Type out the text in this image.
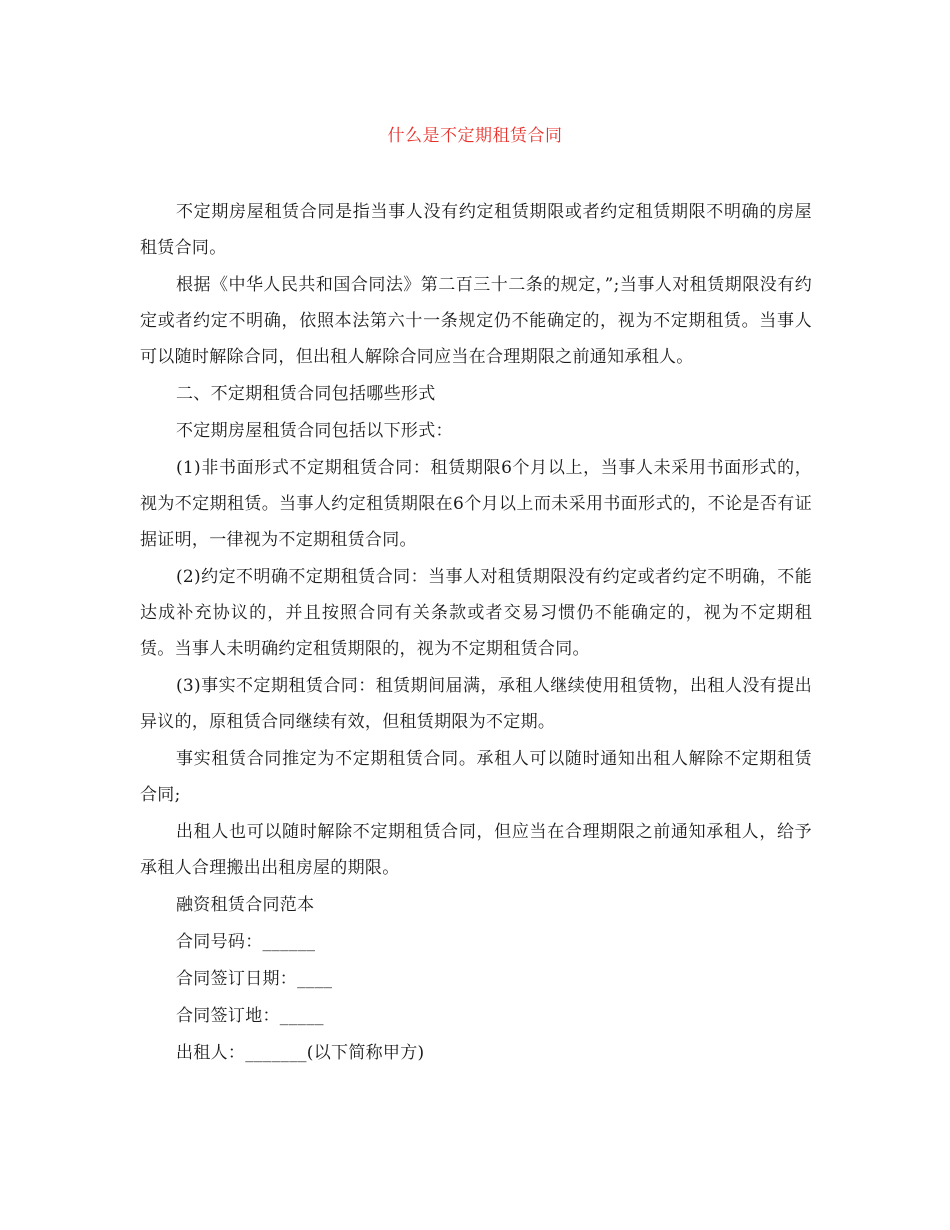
什么是不定期租赁合同

不定期房屋租赁合同是指当事人没有约定租赁期限或者约定租赁期限不明确的房屋租赁合同。

根据《中华人民共和国合同法》第二百三十二条的规定，”;当事人对租赁期限没有约定或者约定不明确，依照本法第六十一条规定仍不能确定的，视为不定期租赁。当事人可以随时解除合同，但出租人解除合同应当在合理期限之前通知承租人。

二、不定期租赁合同包括哪些形式

不定期房屋租赁合同包括以下形式：

(1)非书面形式不定期租赁合同：租赁期限6个月以上，当事人未采用书面形式的，视为不定期租赁。当事人约定租赁期限在6个月以上而未采用书面形式的，不论是否有证据证明，一律视为不定期租赁合同。

(2)约定不明确不定期租赁合同：当事人对租赁期限没有约定或者约定不明确，不能达成补充协议的，并且按照合同有关条款或者交易习惯仍不能确定的，视为不定期租赁。当事人未明确约定租赁期限的，视为不定期租赁合同。

(3)事实不定期租赁合同：租赁期间届满，承租人继续使用租赁物，出租人没有提出异议的，原租赁合同继续有效，但租赁期限为不定期。

事实租赁合同推定为不定期租赁合同。承租人可以随时通知出租人解除不定期租赁合同;

出租人也可以随时解除不定期租赁合同，但应当在合理期限之前通知承租人，给予承租人合理搬出出租房屋的期限。

融资租赁合同范本

合同号码：______

合同签订日期：____

合同签订地：_____

出租人：_______(以下简称甲方)
